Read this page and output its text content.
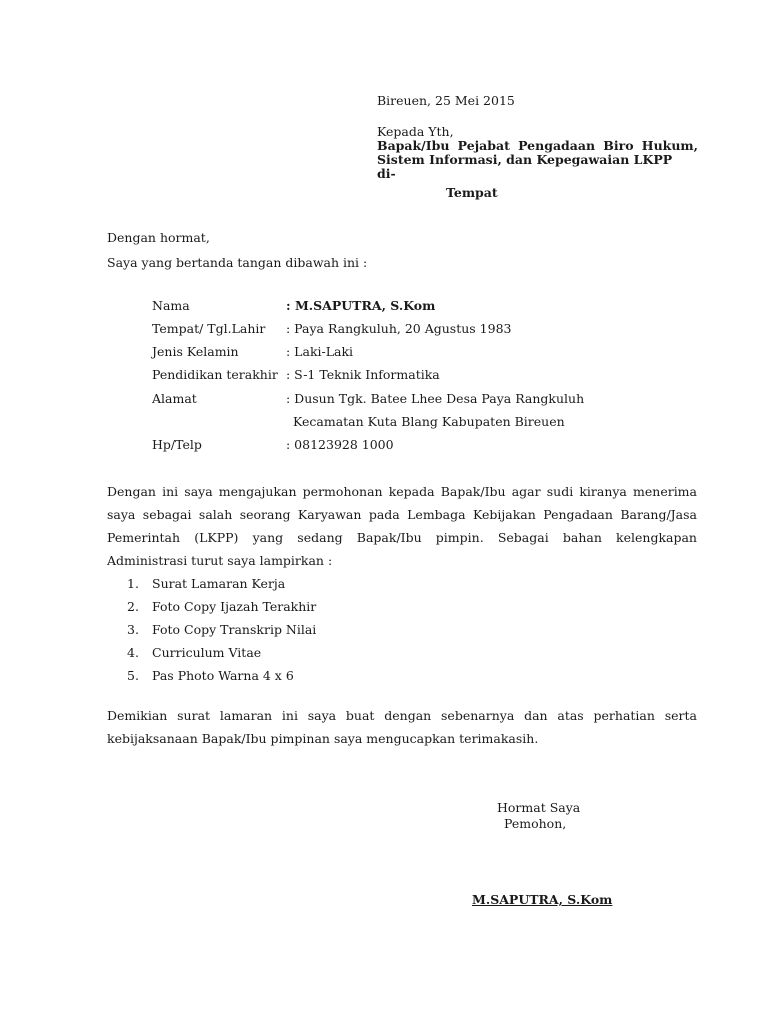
Bireuen, 25 Mei 2015
Kepada Yth,
Bapak/Ibu Pejabat Pengadaan Biro Hukum,
Sistem Informasi, dan Kepegawaian LKPP
di-
Tempat
Dengan hormat,
Saya yang bertanda tangan dibawah ini :
Nama	: M.SAPUTRA, S.Kom
Tempat/ Tgl.Lahir : Paya Rangkuluh, 20 Agustus 1983
Jenis Kelamin	: Laki-Laki
Pendidikan terakhir : S-1 Teknik Informatika
Alamat	: Dusun Tgk. Batee Lhee Desa Paya Rangkuluh
Kecamatan Kuta Blang Kabupaten Bireuen
Hp/Telp	: 08123928 1000
Dengan ini saya mengajukan permohonan kepada Bapak/Ibu agar sudi kiranya menerima
saya sebagai salah seorang Karyawan pada Lembaga Kebijakan Pengadaan Barang/Jasa
Pemerintah (LKPP) yang sedang Bapak/Ibu pimpin. Sebagai bahan kelengkapan
Administrasi turut saya lampirkan :
1. Surat Lamaran Kerja
2. Foto Copy Ijazah Terakhir
3. Foto Copy Transkrip Nilai
4. Curriculum Vitae
5. Pas Photo Warna 4 x 6
Demikian surat lamaran ini saya buat dengan sebenarnya dan atas perhatian serta
kebijaksanaan Bapak/Ibu pimpinan saya mengucapkan terimakasih.
Hormat Saya
Pemohon,
M.SAPUTRA, S.Kom
